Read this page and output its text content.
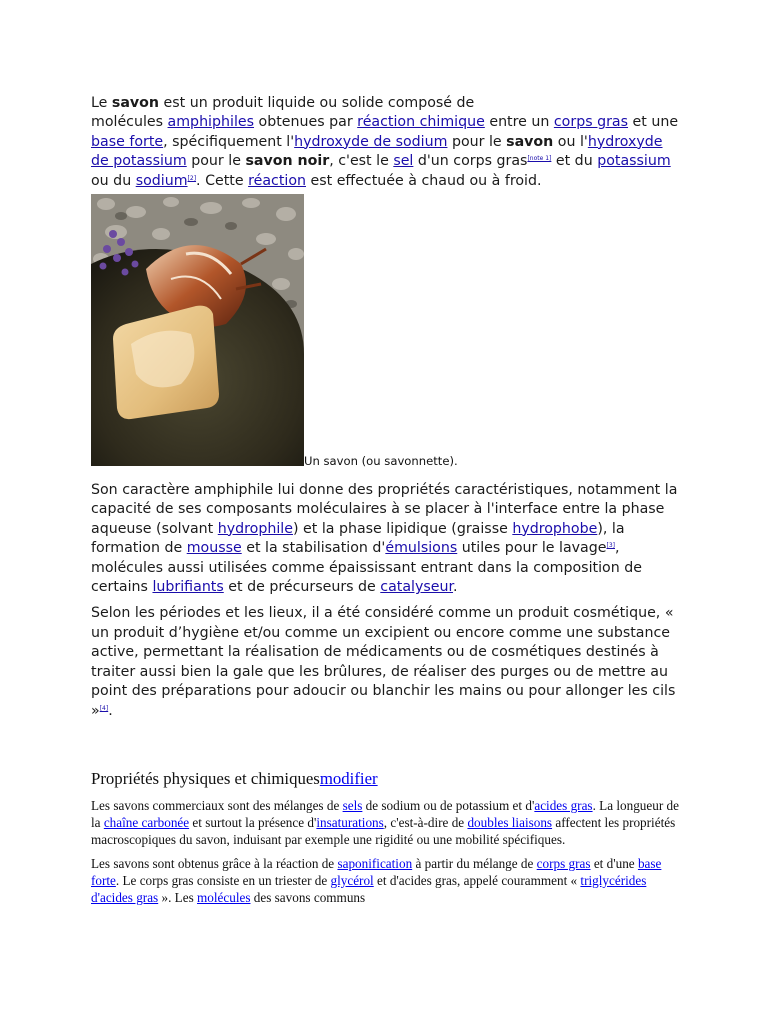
Le savon est un produit liquide ou solide composé de
molécules amphiphiles obtenues par réaction chimique entre un corps gras et une base forte, spécifiquement l'hydroxyde de sodium pour le savon ou l'hydroxyde de potassium pour le savon noir, c'est le sel d'un corps gras[note 1] et du potassium ou du sodium[2]. Cette réaction est effectuée à chaud ou à froid.

Un savon (ou savonnette).

Son caractère amphiphile lui donne des propriétés caractéristiques, notamment la capacité de ses composants moléculaires à se placer à l'interface entre la phase aqueuse (solvant hydrophile) et la phase lipidique (graisse hydrophobe), la formation de mousse et la stabilisation d'émulsions utiles pour le lavage[3], molécules aussi utilisées comme épaississant entrant dans la composition de certains lubrifiants et de précurseurs de catalyseur.

Selon les périodes et les lieux, il a été considéré comme un produit cosmétique, « un produit d’hygiène et/ou comme un excipient ou encore comme une substance active, permettant la réalisation de médicaments ou de cosmétiques destinés à traiter aussi bien la gale que les brûlures, de réaliser des purges ou de mettre au point des préparations pour adoucir ou blanchir les mains ou pour allonger les cils »[4].

Propriétés physiques et chimiquesmodifier

Les savons commerciaux sont des mélanges de sels de sodium ou de potassium et d'acides gras. La longueur de la chaîne carbonée et surtout la présence d'insaturations, c'est-à-dire de doubles liaisons affectent les propriétés macroscopiques du savon, induisant par exemple une rigidité ou une mobilité spécifiques.

Les savons sont obtenus grâce à la réaction de saponification à partir du mélange de corps gras et d'une base forte. Le corps gras consiste en un triester de glycérol et d'acides gras, appelé couramment « triglycérides d'acides gras ». Les molécules des savons communs
